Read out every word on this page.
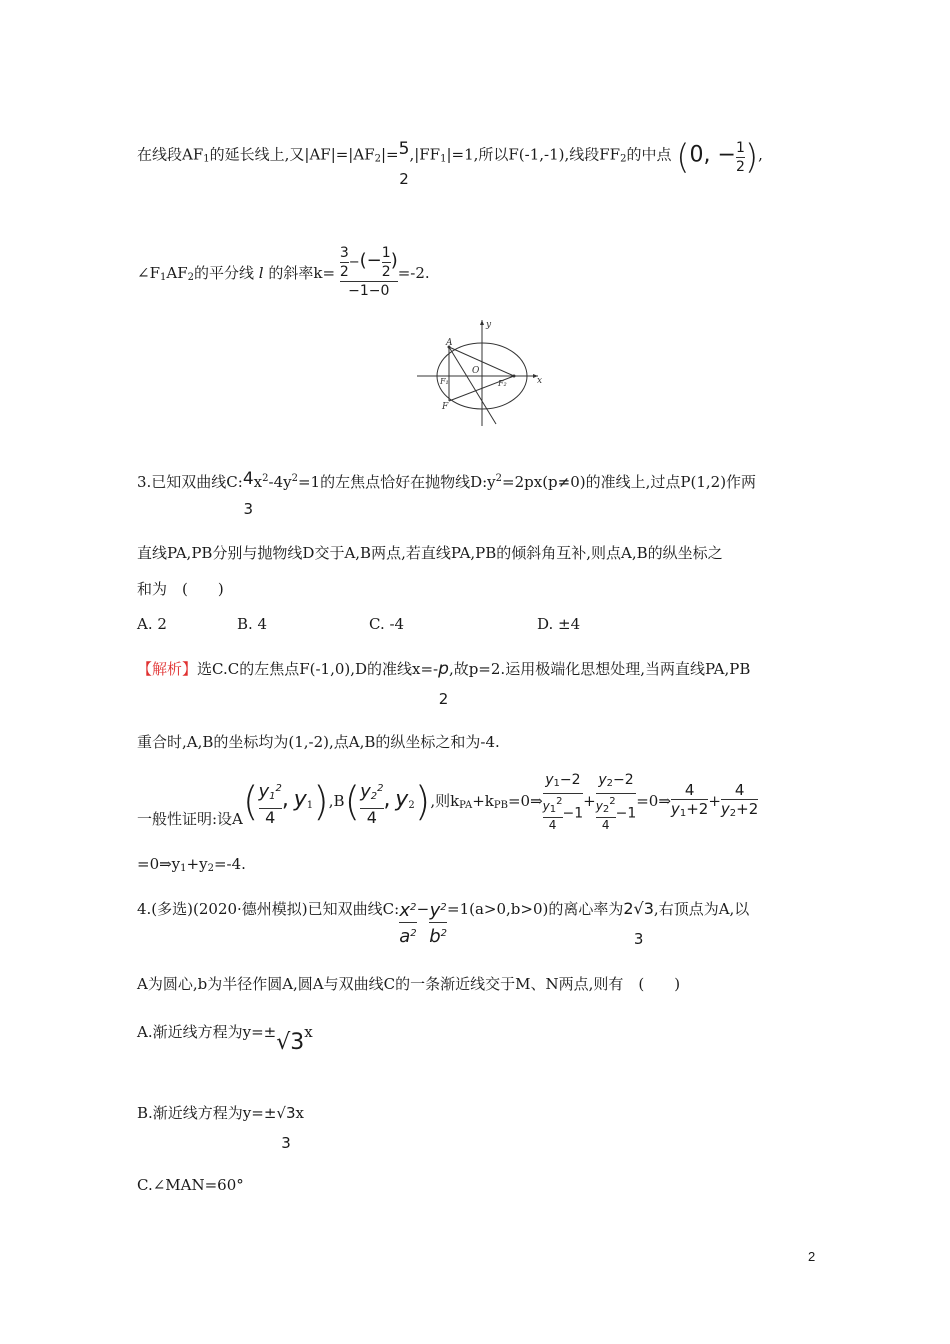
在线段$AF_1$的延长线上,又$|AF|=|AF_2|=5$
2
$,|FF_1|=1$,所以F(-1,-1),线段$FF_2$的中点 (0, − $\frac{1}{2}$ ),
$\angle F_1AF_2$的平分线 l 的斜率$k= \frac{\frac{3}{2} -(- \frac{1}{2} )}{-1-0} =-2$.
y
x
A
O
F₁	F₂
F
3.已知双曲线C:4
3
$x^2-4y^2=1$的左焦点恰好在抛物线$D:y^2=2px(p\ne 0)$的准线上,过点P(1,2)作两
直线PA,PB分别与抛物线D交于A,B两点,若直线PA,PB的倾斜角互补,则点A,B的纵坐标之
和为　(　　)
A. 2	B. 4	C. -4	D. ±4
【解析】选C.C的左焦点F(-1,0),D的准线x=-p
2
,故p=2.运用极端化思想处理,当两直线PA,PB
重合时,A,B的坐标均为(1,-2),点A,B的纵坐标之和为-4.
一般性证明:设$A( \frac{y_1^2}{4}$ , $y_1),B( \frac{y_2^2}{4}$ , $y_2$),则$k_{PA}+k_{PB}=0\Rightarrow \frac{y_1-2}{\frac{y_1^2}{4} -1} + \frac{y_2-2}{\frac{y_2^2}{4} -1}$ =0⇒ $\frac{4}{y_1+2} + \frac{4}{y_2+2}$
$=0\Rightarrow y_1+y_2=-4$.
4.(多选)(2020·德州模拟)已知双曲线C: $\frac{x^2}{a^2} - \frac{y^2}{b^2} =1(a>0,b>0)$的离心率为2√3
3
,右顶点为A,以
A为圆心,b为半径作圆A,圆A与双曲线C的一条渐近线交于M、N两点,则有　(　　)
A.渐近线方程为y=±√3x
B.渐近线方程为y=±√3
3
x
C.∠MAN=60°
2
